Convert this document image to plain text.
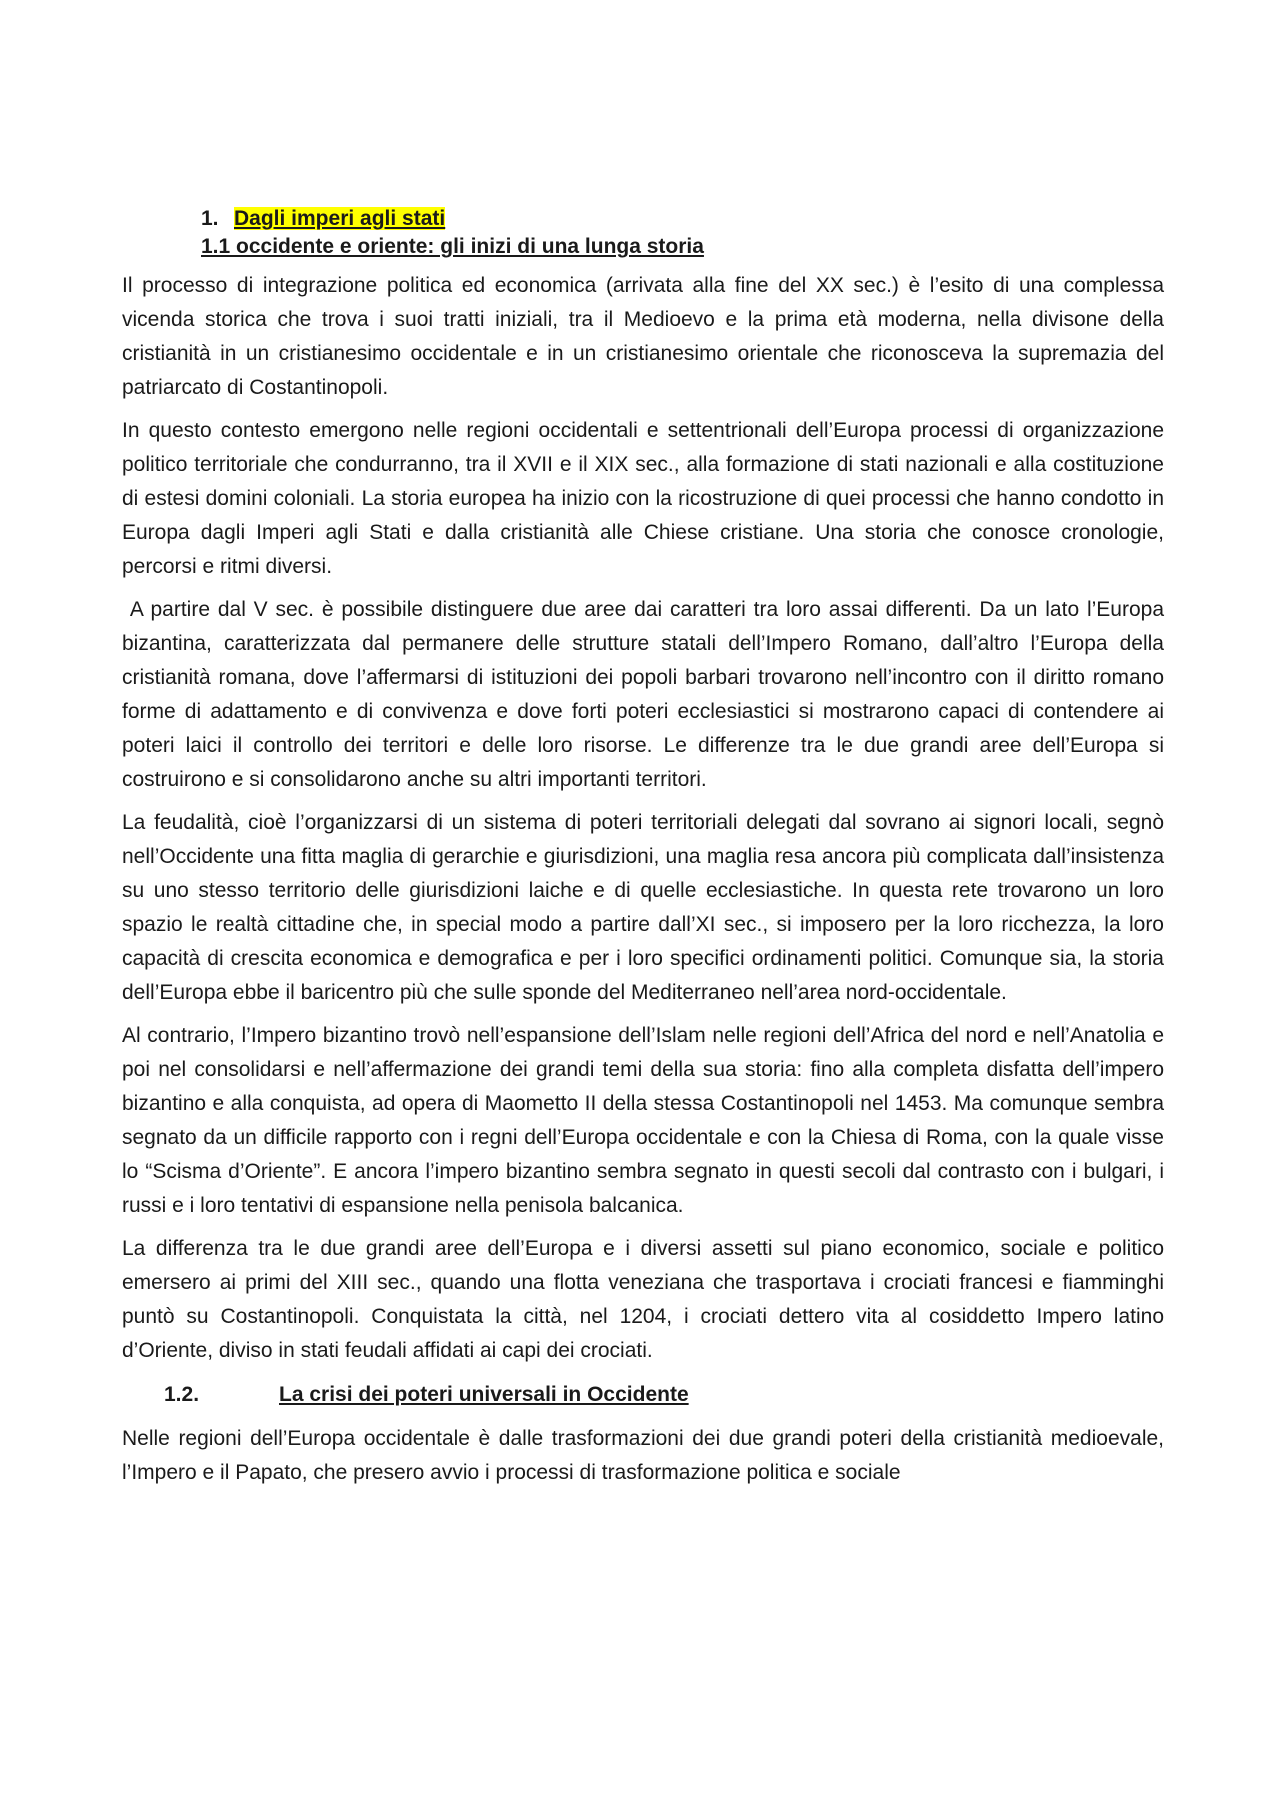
1. Dagli imperi agli stati
1.1 occidente e oriente: gli inizi di una lunga storia

Il processo di integrazione politica ed economica (arrivata alla fine del XX sec.) è l’esito di una complessa vicenda storica che trova i suoi tratti iniziali, tra il Medioevo e la prima età moderna, nella divisone della cristianità in un cristianesimo occidentale e in un cristianesimo orientale che riconosceva la supremazia del patriarcato di Costantinopoli.

In questo contesto emergono nelle regioni occidentali e settentrionali dell’Europa processi di organizzazione politico territoriale che condurranno, tra il XVII e il XIX sec., alla formazione di stati nazionali e alla costituzione di estesi domini coloniali. La storia europea ha inizio con la ricostruzione di quei processi che hanno condotto in Europa dagli Imperi agli Stati e dalla cristianità alle Chiese cristiane. Una storia che conosce cronologie, percorsi e ritmi diversi.

A partire dal V sec. è possibile distinguere due aree dai caratteri tra loro assai differenti. Da un lato l’Europa bizantina, caratterizzata dal permanere delle strutture statali dell’Impero Romano, dall’altro l’Europa della cristianità romana, dove l’affermarsi di istituzioni dei popoli barbari trovarono nell’incontro con il diritto romano forme di adattamento e di convivenza e dove forti poteri ecclesiastici si mostrarono capaci di contendere ai poteri laici il controllo dei territori e delle loro risorse. Le differenze tra le due grandi aree dell’Europa si costruirono e si consolidarono anche su altri importanti territori.

La feudalità, cioè l’organizzarsi di un sistema di poteri territoriali delegati dal sovrano ai signori locali, segnò nell’Occidente una fitta maglia di gerarchie e giurisdizioni, una maglia resa ancora più complicata dall’insistenza su uno stesso territorio delle giurisdizioni laiche e di quelle ecclesiastiche. In questa rete trovarono un loro spazio le realtà cittadine che, in special modo a partire dall’XI sec., si imposero per la loro ricchezza, la loro capacità di crescita economica e demografica e per i loro specifici ordinamenti politici. Comunque sia, la storia dell’Europa ebbe il baricentro più che sulle sponde del Mediterraneo nell’area nord-occidentale.

Al contrario, l’Impero bizantino trovò nell’espansione dell’Islam nelle regioni dell’Africa del nord e nell’Anatolia e poi nel consolidarsi e nell’affermazione dei grandi temi della sua storia: fino alla completa disfatta dell’impero bizantino e alla conquista, ad opera di Maometto II della stessa Costantinopoli nel 1453. Ma comunque sembra segnato da un difficile rapporto con i regni dell’Europa occidentale e con la Chiesa di Roma, con la quale visse lo “Scisma d’Oriente”. E ancora l’impero bizantino sembra segnato in questi secoli dal contrasto con i bulgari, i russi e i loro tentativi di espansione nella penisola balcanica.

La differenza tra le due grandi aree dell’Europa e i diversi assetti sul piano economico, sociale e politico emersero ai primi del XIII sec., quando una flotta veneziana che trasportava i crociati francesi e fiamminghi puntò su Costantinopoli. Conquistata la città, nel 1204, i crociati dettero vita al cosiddetto Impero latino d’Oriente, diviso in stati feudali affidati ai capi dei crociati.

1.2.	La crisi dei poteri universali in Occidente

Nelle regioni dell’Europa occidentale è dalle trasformazioni dei due grandi poteri della cristianità medioevale, l’Impero e il Papato, che presero avvio i processi di trasformazione politica e sociale
